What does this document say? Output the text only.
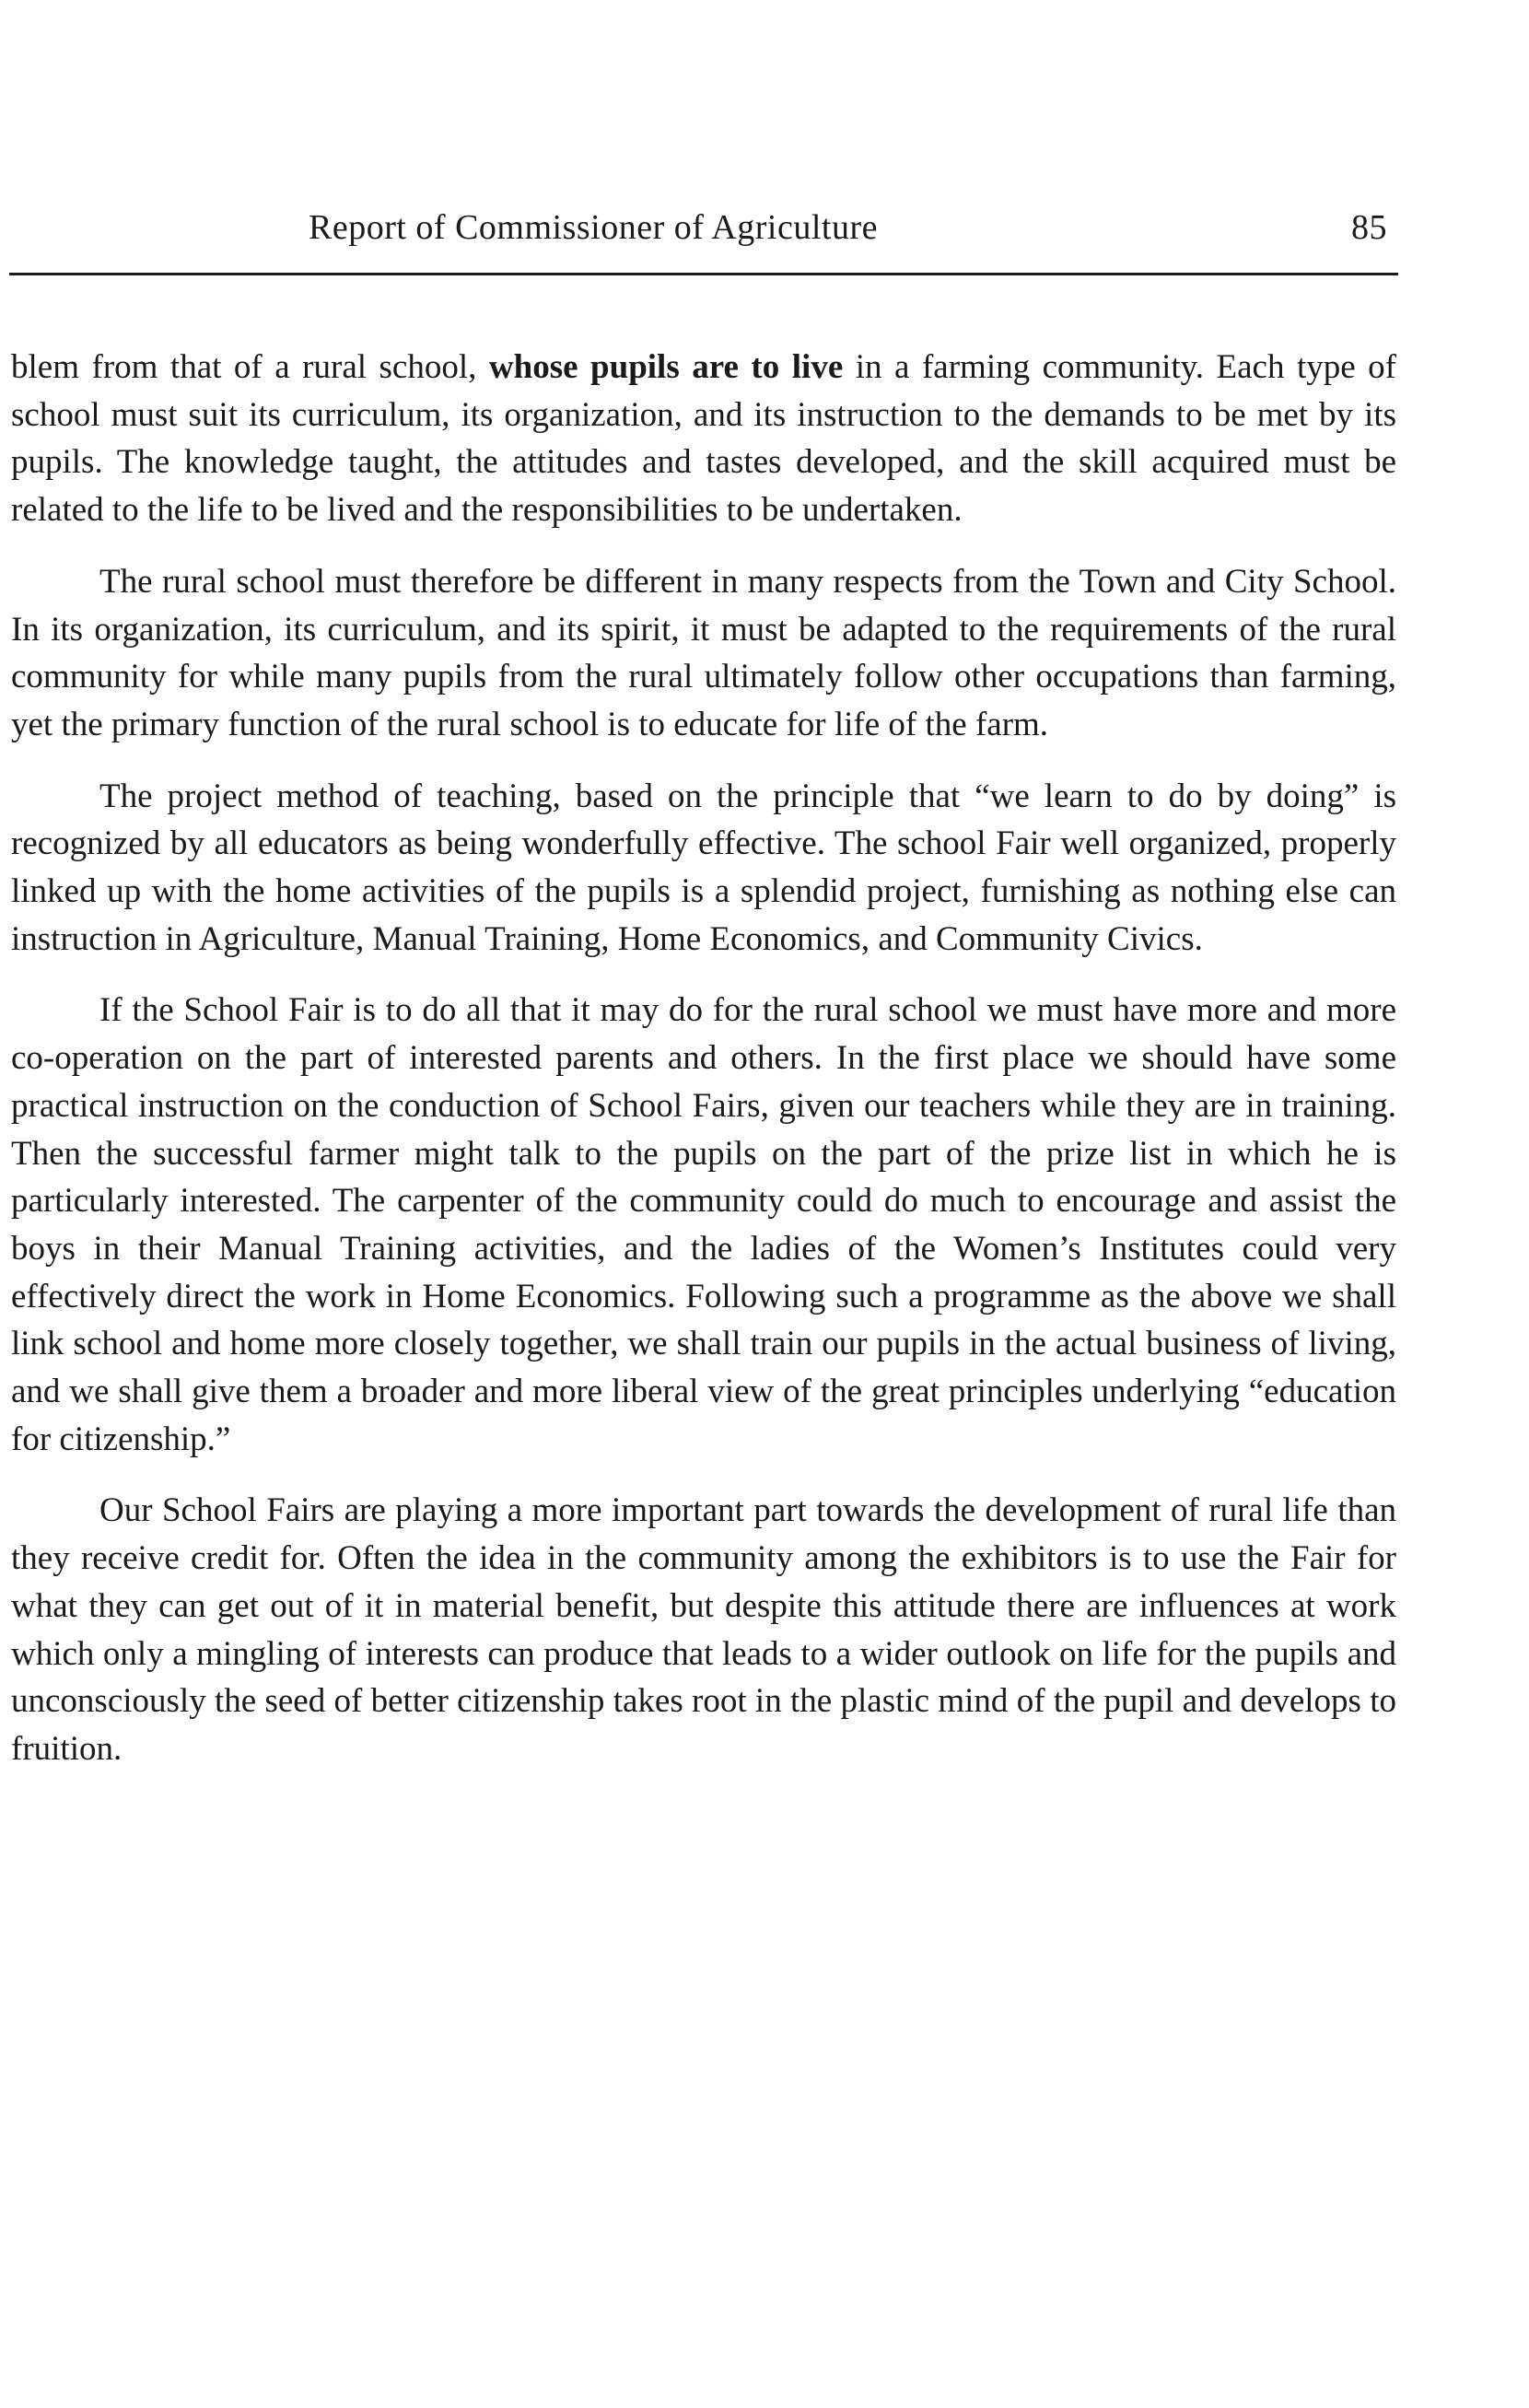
Report of Commissioner of Agriculture	85

blem from that of a rural school, whose pupils are to live in a farming community. Each type of school must suit its curriculum, its organization, and its instruction to the demands to be met by its pupils. The knowledge taught, the attitudes and tastes developed, and the skill acquired must be related to the life to be lived and the responsibilities to be undertaken.

The rural school must therefore be different in many respects from the Town and City School. In its organization, its curriculum, and its spirit, it must be adapted to the requirements of the rural community for while many pupils from the rural ultimately follow other occupations than farming, yet the primary function of the rural school is to educate for life of the farm.

The project method of teaching, based on the principle that “we learn to do by doing” is recognized by all educators as being wonderfully effective. The school Fair well organized, properly linked up with the home activities of the pupils is a splendid project, furnishing as nothing else can instruction in Agriculture, Manual Training, Home Economics, and Community Civics.

If the School Fair is to do all that it may do for the rural school we must have more and more co-operation on the part of interested parents and others. In the first place we should have some practical instruction on the conduction of School Fairs, given our teachers while they are in training. Then the successful farmer might talk to the pupils on the part of the prize list in which he is particularly interested. The carpenter of the community could do much to encourage and assist the boys in their Manual Training activities, and the ladies of the Women’s Institutes could very effectively direct the work in Home Economics. Following such a programme as the above we shall link school and home more closely together, we shall train our pupils in the actual business of living, and we shall give them a broader and more liberal view of the great principles underlying “education for citizenship.”

Our School Fairs are playing a more important part towards the development of rural life than they receive credit for. Often the idea in the community among the exhibitors is to use the Fair for what they can get out of it in material benefit, but despite this attitude there are influences at work which only a mingling of interests can produce that leads to a wider outlook on life for the pupils and unconsciously the seed of better citizenship takes root in the plastic mind of the pupil and develops to fruition.
